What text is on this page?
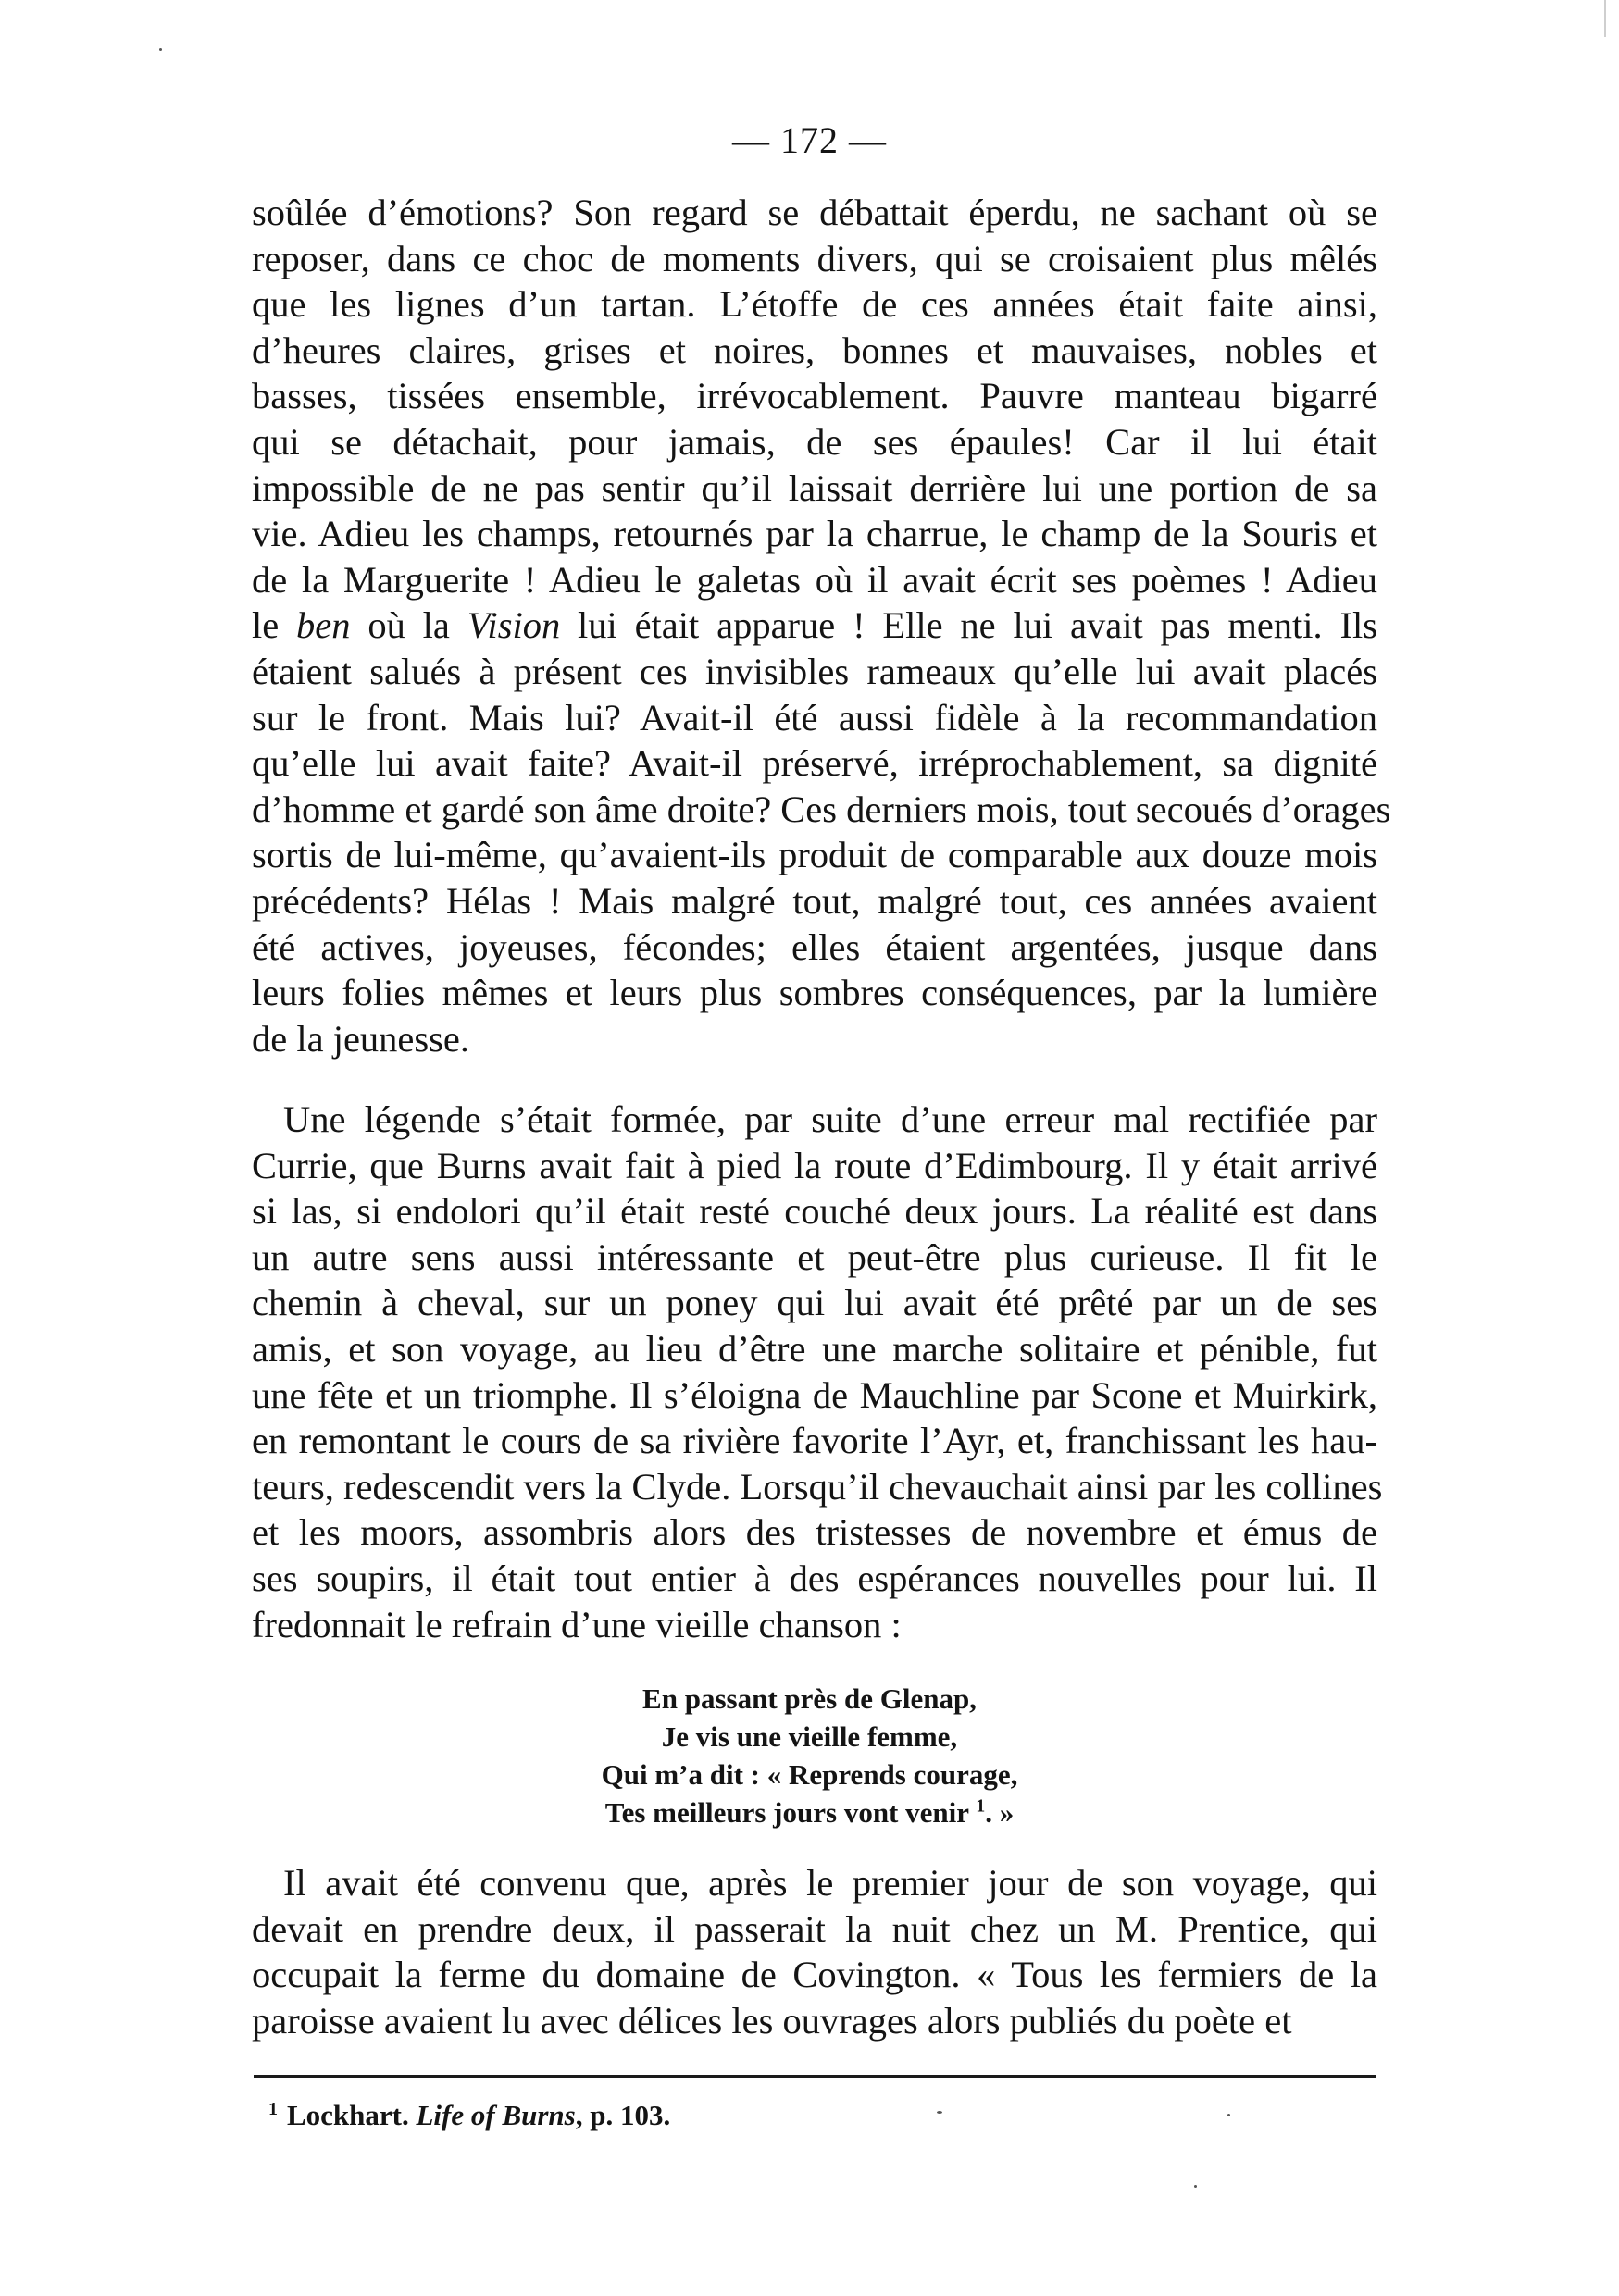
— 172 —
soûlée d’émotions? Son regard se débattait éperdu, ne sachant où se
reposer, dans ce choc de moments divers, qui se croisaient plus mêlés
que les lignes d’un tartan. L’étoffe de ces années était faite ainsi,
d’heures claires, grises et noires, bonnes et mauvaises, nobles et
basses, tissées ensemble, irrévocablement. Pauvre manteau bigarré
qui se détachait, pour jamais, de ses épaules! Car il lui était
impossible de ne pas sentir qu’il laissait derrière lui une portion de sa
vie. Adieu les champs, retournés par la charrue, le champ de la Souris et
de la Marguerite ! Adieu le galetas où il avait écrit ses poèmes ! Adieu
le ben où la Vision lui était apparue ! Elle ne lui avait pas menti. Ils
étaient salués à présent ces invisibles rameaux qu’elle lui avait placés
sur le front. Mais lui? Avait-il été aussi fidèle à la recommandation
qu’elle lui avait faite? Avait-il préservé, irréprochablement, sa dignité
d’homme et gardé son âme droite? Ces derniers mois, tout secoués d’orages
sortis de lui-même, qu’avaient-ils produit de comparable aux douze mois
précédents? Hélas ! Mais malgré tout, malgré tout, ces années avaient
été actives, joyeuses, fécondes; elles étaient argentées, jusque dans
leurs folies mêmes et leurs plus sombres conséquences, par la lumière
de la jeunesse.
Une légende s’était formée, par suite d’une erreur mal rectifiée par
Currie, que Burns avait fait à pied la route d’Edimbourg. Il y était arrivé
si las, si endolori qu’il était resté couché deux jours. La réalité est dans
un autre sens aussi intéressante et peut-être plus curieuse. Il fit le
chemin à cheval, sur un poney qui lui avait été prêté par un de ses
amis, et son voyage, au lieu d’être une marche solitaire et pénible, fut
une fête et un triomphe. Il s’éloigna de Mauchline par Scone et Muirkirk,
en remontant le cours de sa rivière favorite l’Ayr, et, franchissant les hau-
teurs, redescendit vers la Clyde. Lorsqu’il chevauchait ainsi par les collines
et les moors, assombris alors des tristesses de novembre et émus de
ses soupirs, il était tout entier à des espérances nouvelles pour lui. Il
fredonnait le refrain d’une vieille chanson :
En passant près de Glenap,
Je vis une vieille femme,
Qui m’a dit : « Reprends courage,
Tes meilleurs jours vont venir $^1$. »
Il avait été convenu que, après le premier jour de son voyage, qui
devait en prendre deux, il passerait la nuit chez un M. Prentice, qui
occupait la ferme du domaine de Covington. « Tous les fermiers de la
paroisse avaient lu avec délices les ouvrages alors publiés du poète et
$^1$ Lockhart. Life of Burns, p. 103.
